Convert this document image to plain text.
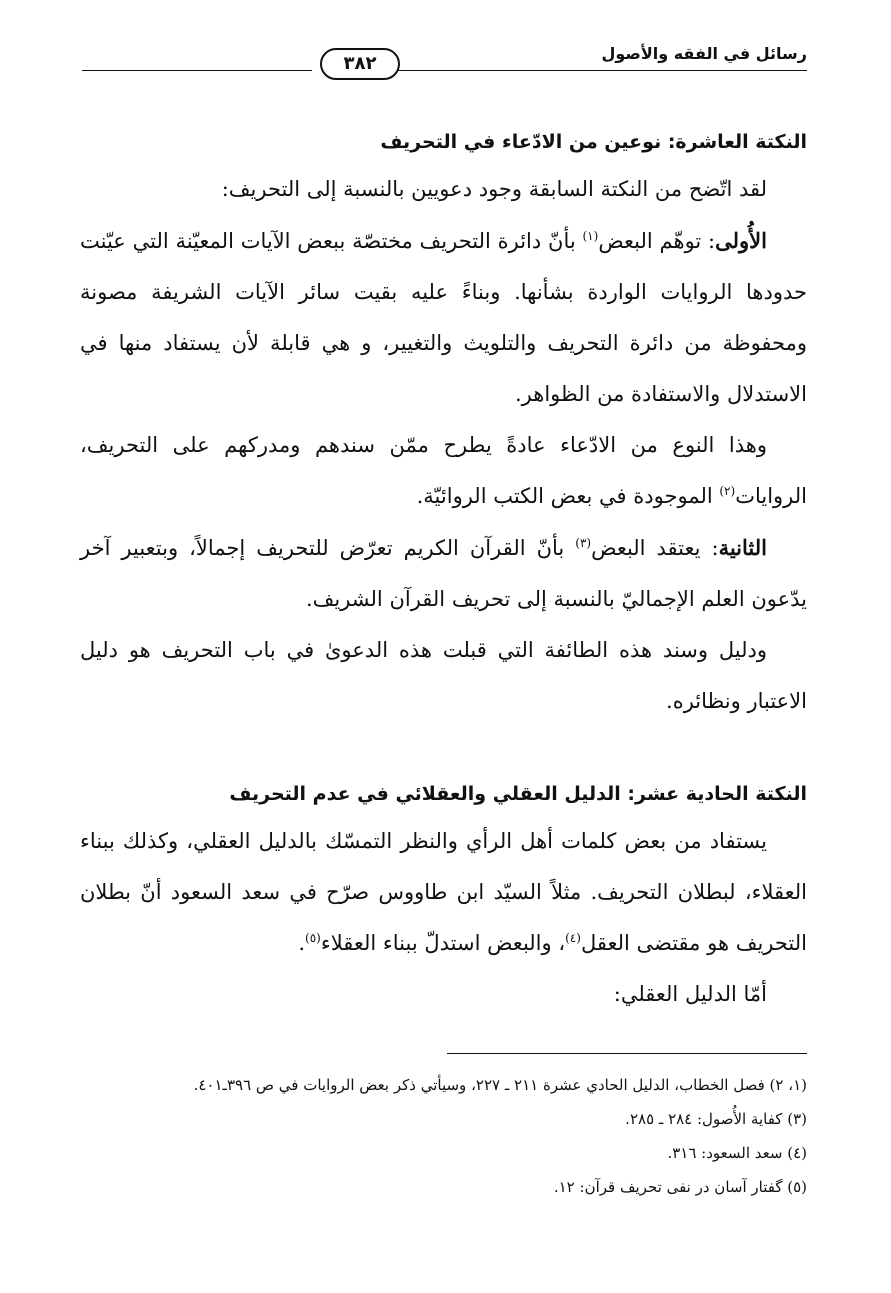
رسائل في الفقه والأصول
٣٨٢

النكتة العاشرة: نوعين من الادّعاء في التحريف

لقد اتّضح من النكتة السابقة وجود دعويين بالنسبة إلى التحريف:

الأُولى: توهّم البعض$^{(١)}$ بأنّ دائرة التحريف مختصّة ببعض الآيات المعيّنة التي عيّنت حدودها الروايات الواردة بشأنها. وبناءً عليه بقيت سائر الآيات الشريفة مصونة ومحفوظة من دائرة التحريف والتلويث والتغيير، و هي قابلة لأن يستفاد منها في الاستدلال والاستفادة من الظواهر.

وهذا النوع من الادّعاء عادةً يطرح ممّن سندهم ومدركهم على التحريف، الروايات$^{(٢)}$ الموجودة في بعض الكتب الروائيّة.

الثانية: يعتقد البعض$^{(٣)}$ بأنّ القرآن الكريم تعرّض للتحريف إجمالاً، وبتعبير آخر يدّعون العلم الإجماليّ بالنسبة إلى تحريف القرآن الشريف.

ودليل وسند هذه الطائفة التي قبلت هذه الدعوىٰ في باب التحريف هو دليل الاعتبار ونظائره.

النكتة الحادية عشر: الدليل العقلي والعقلائي في عدم التحريف

يستفاد من بعض كلمات أهل الرأي والنظر التمسّك بالدليل العقلي، وكذلك ببناء العقلاء، لبطلان التحريف. مثلاً السيّد ابن طاووس صرّح في سعد السعود أنّ بطلان التحريف هو مقتضى العقل$^{(٤)}$، والبعض استدلّ ببناء العقلاء$^{(٥)}$.

أمّا الدليل العقلي:

(١، ٢) فصل الخطاب، الدليل الحادي عشرة ٢١١ ـ ٢٢٧، وسيأتي ذكر بعض الروايات في ص ٣٩٦ـ٤٠١.

(٣) كفاية الأُصول: ٢٨٤ ـ ٢٨٥.

(٤) سعد السعود: ٣١٦.

(٥) گفتار آسان در نفی تحریف قرآن: ١٢.
